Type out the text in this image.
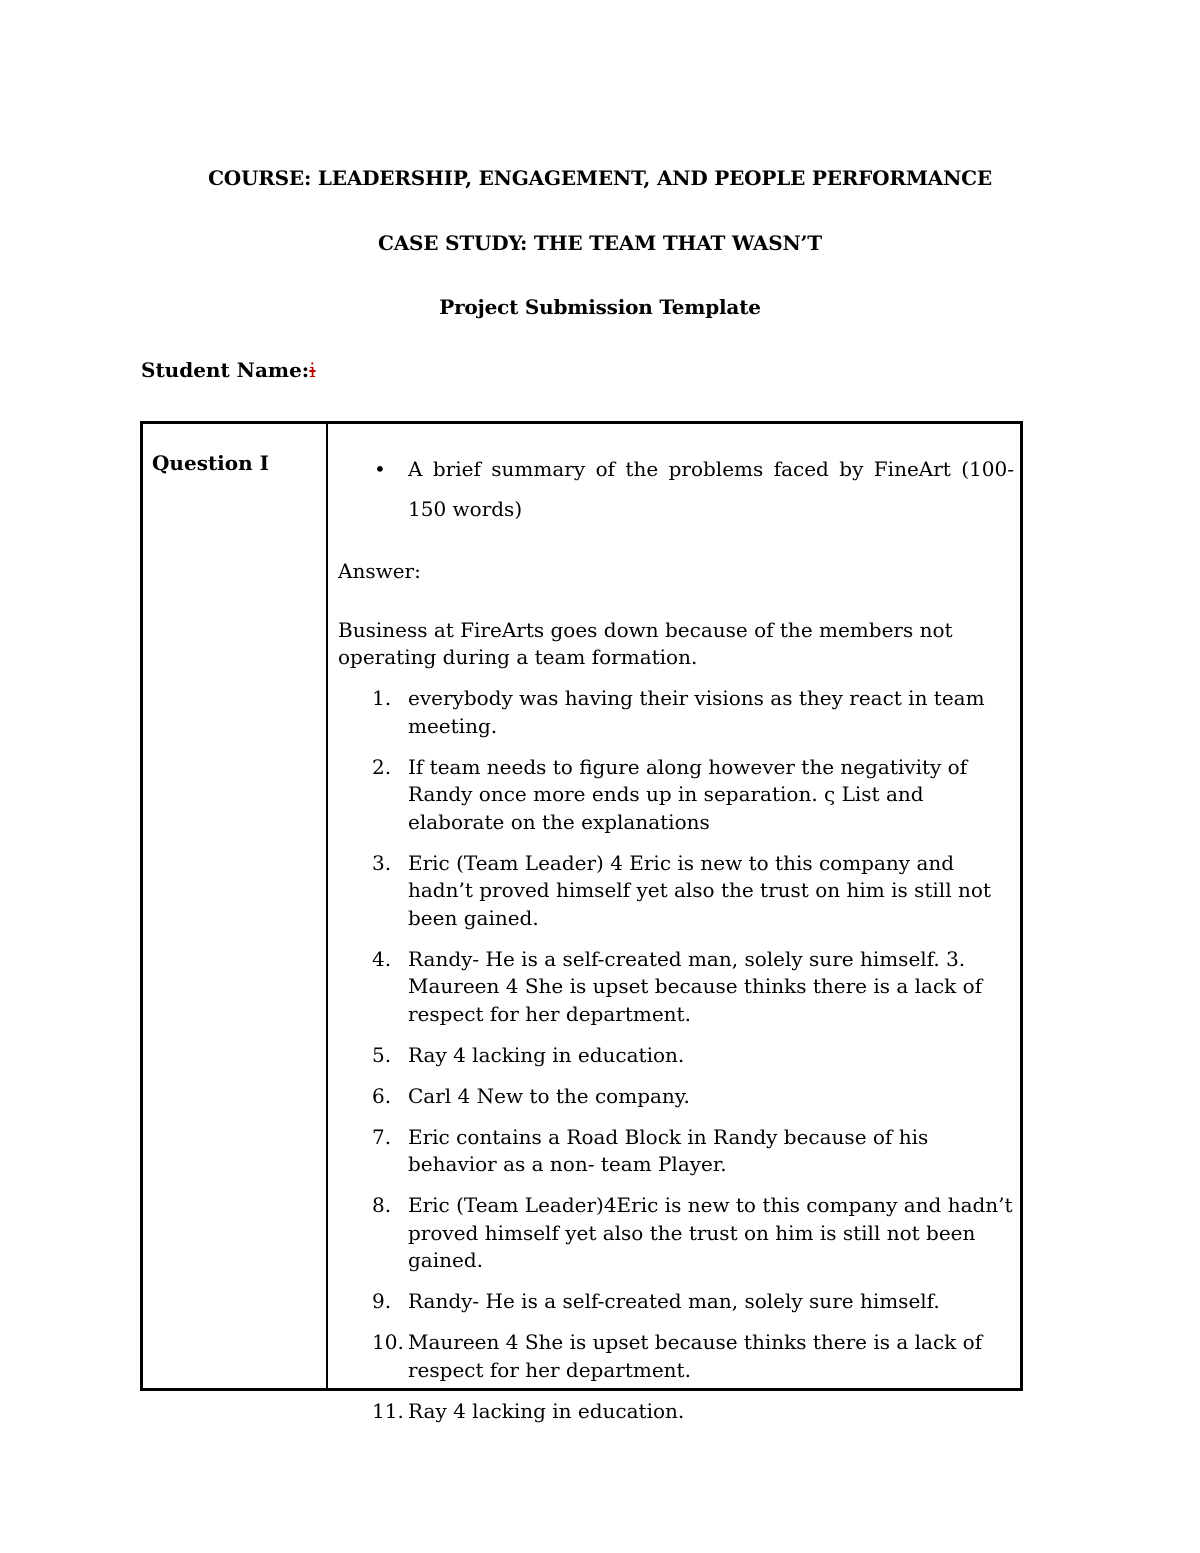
COURSE: LEADERSHIP, ENGAGEMENT, AND PEOPLE PERFORMANCE
CASE STUDY: THE TEAM THAT WASN’T
Project Submission Template
Student Name:i
Question I	• A brief summary of the problems faced by FineArt (100- 150 words)
Answer:
Business at FireArts goes down because of the members not operating during a team formation.
1. everybody was having their visions as they react in team meeting.
2. If team needs to figure along however the negativity of Randy once more ends up in separation. ς List and elaborate on the explanations
3. Eric (Team Leader) 4 Eric is new to this company and hadn’t proved himself yet also the trust on him is still not been gained.
4. Randy- He is a self-created man, solely sure himself. 3. Maureen 4 She is upset because thinks there is a lack of respect for her department.
5. Ray 4 lacking in education.
6. Carl 4 New to the company.
7. Eric contains a Road Block in Randy because of his behavior as a non- team Player.
8. Eric (Team Leader)4Eric is new to this company and hadn’t proved himself yet also the trust on him is still not been gained.
9. Randy- He is a self-created man, solely sure himself.
10. Maureen 4 She is upset because thinks there is a lack of respect for her department.
11. Ray 4 lacking in education.
